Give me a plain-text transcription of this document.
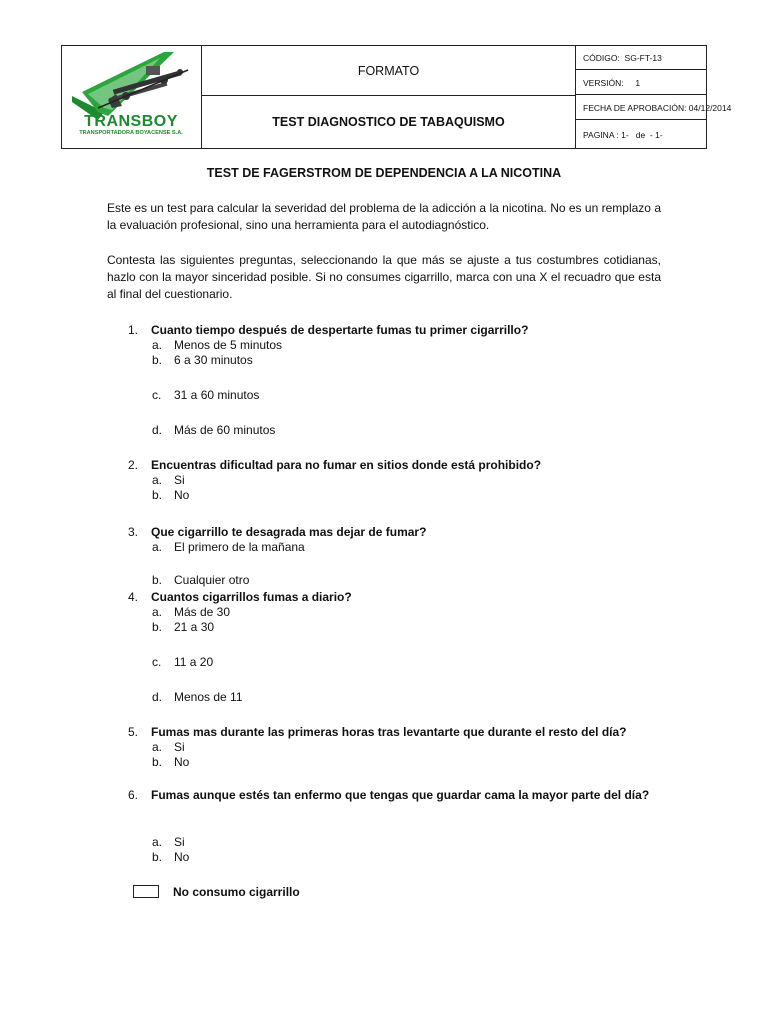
TRANSBOY
TRANSPORTADORA BOYACENSE S.A.
FORMATO
TEST DIAGNOSTICO DE TABAQUISMO
CÓDIGO:  SG-FT-13
VERSIÓN:     1
FECHA DE APROBACIÓN: 04/12/2014
PAGINA : 1-   de  - 1-
TEST DE FAGERSTROM DE DEPENDENCIA A LA NICOTINA
Este es un test para calcular la severidad del problema de la adicción a la nicotina. No es un remplazo a la evaluación profesional, sino una herramienta para el autodiagnóstico.
Contesta las siguientes preguntas, seleccionando la que más se ajuste a tus costumbres cotidianas, hazlo con la mayor sinceridad posible. Si no consumes cigarrillo, marca con una X el recuadro que esta al final del cuestionario.
1. Cuanto tiempo después de despertarte fumas tu primer cigarrillo?
a. Menos de 5 minutos
b. 6 a 30 minutos
c. 31 a 60 minutos
d. Más de 60 minutos
2. Encuentras dificultad para no fumar en sitios donde está prohibido?
a. Si
b. No
3. Que cigarrillo te desagrada mas dejar de fumar?
a. El primero de la mañana
b. Cualquier otro
4. Cuantos cigarrillos fumas a diario?
a. Más de 30
b. 21 a 30
c. 11 a 20
d. Menos de 11
5. Fumas mas durante las primeras horas tras levantarte que durante el resto del día?
a. Si
b. No
6. Fumas aunque estés tan enfermo que tengas que guardar cama la mayor parte del día?
a. Si
b. No
No consumo cigarrillo
